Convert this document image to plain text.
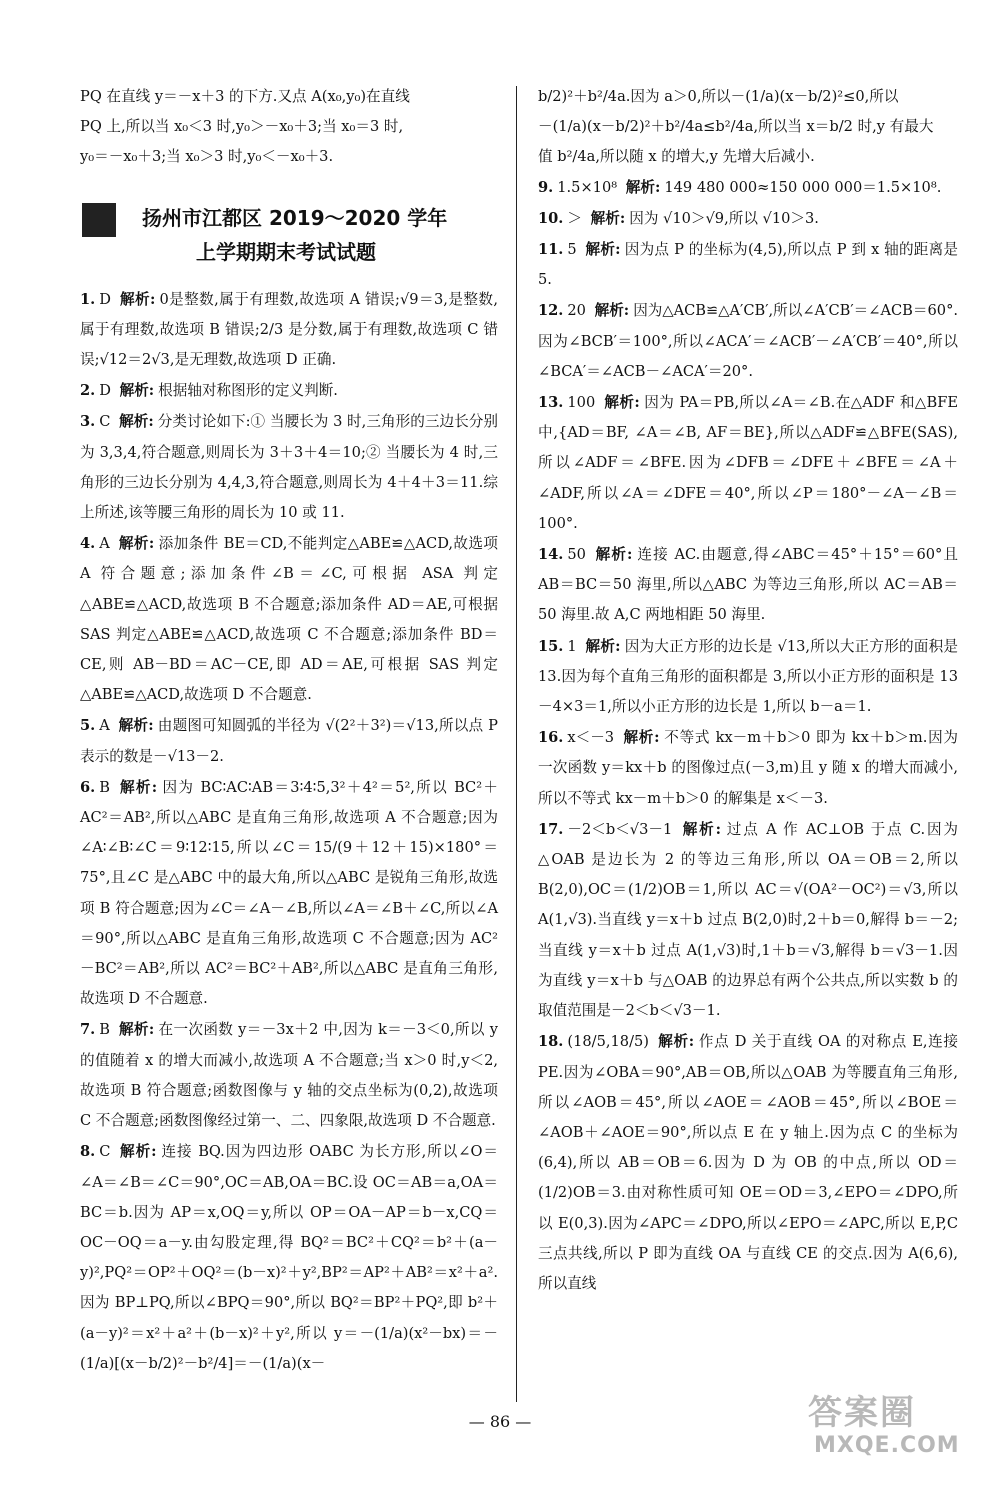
PQ 在直线 y＝－x＋3 的下方.又点 A(x₀,y₀)在直线

PQ 上,所以当 x₀＜3 时,y₀＞－x₀＋3;当 x₀＝3 时,

y₀＝－x₀＋3;当 x₀＞3 时,y₀＜－x₀＋3.

扬州市江都区 2019～2020 学年
上学期期末考试试题

1. D 解析: 0是整数,属于有理数,故选项 A 错误;√9＝3,是整数,属于有理数,故选项 B 错误;2/3 是分数,属于有理数,故选项 C 错误;√12＝2√3,是无理数,故选项 D 正确.

2. D 解析: 根据轴对称图形的定义判断.

3. C 解析: 分类讨论如下:① 当腰长为 3 时,三角形的三边长分别为 3,3,4,符合题意,则周长为 3＋3＋4＝10;② 当腰长为 4 时,三角形的三边长分别为 4,4,3,符合题意,则周长为 4＋4＋3＝11.综上所述,该等腰三角形的周长为 10 或 11.

4. A 解析: 添加条件 BE＝CD,不能判定△ABE≌△ACD,故选项 A 符合题意;添加条件∠B＝∠C,可根据 ASA 判定△ABE≌△ACD,故选项 B 不合题意;添加条件 AD＝AE,可根据 SAS 判定△ABE≌△ACD,故选项 C 不合题意;添加条件 BD＝CE,则 AB－BD＝AC－CE,即 AD＝AE,可根据 SAS 判定△ABE≌△ACD,故选项 D 不合题意.

5. A 解析: 由题图可知圆弧的半径为 √(2²＋3²)＝√13,所以点 P 表示的数是－√13－2.

6. B 解析: 因为 BC∶AC∶AB＝3∶4∶5,3²＋4²＝5²,所以 BC²＋AC²＝AB²,所以△ABC 是直角三角形,故选项 A 不合题意;因为∠A∶∠B∶∠C＝9∶12∶15,所以∠C＝15/(9＋12＋15)×180°＝75°,且∠C 是△ABC 中的最大角,所以△ABC 是锐角三角形,故选项 B 符合题意;因为∠C＝∠A－∠B,所以∠A＝∠B＋∠C,所以∠A＝90°,所以△ABC 是直角三角形,故选项 C 不合题意;因为 AC²－BC²＝AB²,所以 AC²＝BC²＋AB²,所以△ABC 是直角三角形,故选项 D 不合题意.

7. B 解析: 在一次函数 y＝－3x＋2 中,因为 k＝－3＜0,所以 y 的值随着 x 的增大而减小,故选项 A 不合题意;当 x＞0 时,y＜2,故选项 B 符合题意;函数图像与 y 轴的交点坐标为(0,2),故选项 C 不合题意;函数图像经过第一、二、四象限,故选项 D 不合题意.

8. C 解析: 连接 BQ.因为四边形 OABC 为长方形,所以∠O＝∠A＝∠B＝∠C＝90°,OC＝AB,OA＝BC.设 OC＝AB＝a,OA＝BC＝b.因为 AP＝x,OQ＝y,所以 OP＝OA－AP＝b－x,CQ＝OC－OQ＝a－y.由勾股定理,得 BQ²＝BC²＋CQ²＝b²＋(a－y)²,PQ²＝OP²＋OQ²＝(b－x)²＋y²,BP²＝AP²＋AB²＝x²＋a².因为 BP⊥PQ,所以∠BPQ＝90°,所以 BQ²＝BP²＋PQ²,即 b²＋(a－y)²＝x²＋a²＋(b－x)²＋y²,所以 y＝－(1/a)(x²－bx)＝－(1/a)[(x－b/2)²－b²/4]＝－(1/a)(x－

b/2)²＋b²/4a.因为 a＞0,所以－(1/a)(x－b/2)²≤0,所以

－(1/a)(x－b/2)²＋b²/4a≤b²/4a,所以当 x＝b/2 时,y 有最大

值 b²/4a,所以随 x 的增大,y 先增大后减小.

9. 1.5×10⁸ 解析: 149 480 000≈150 000 000＝1.5×10⁸.

10. ＞ 解析: 因为 √10＞√9,所以 √10＞3.

11. 5 解析: 因为点 P 的坐标为(4,5),所以点 P 到 x 轴的距离是 5.

12. 20 解析: 因为△ACB≌△A′CB′,所以∠A′CB′＝∠ACB＝60°.因为∠BCB′＝100°,所以∠ACA′＝∠ACB′－∠A′CB′＝40°,所以∠BCA′＝∠ACB－∠ACA′＝20°.

13. 100 解析: 因为 PA＝PB,所以∠A＝∠B.在△ADF 和△BFE 中,{AD＝BF, ∠A＝∠B, AF＝BE},所以△ADF≌△BFE(SAS),所以∠ADF＝∠BFE.因为∠DFB＝∠DFE＋∠BFE＝∠A＋∠ADF,所以∠A＝∠DFE＝40°,所以∠P＝180°－∠A－∠B＝100°.

14. 50 解析: 连接 AC.由题意,得∠ABC＝45°＋15°＝60°且 AB＝BC＝50 海里,所以△ABC 为等边三角形,所以 AC＝AB＝50 海里.故 A,C 两地相距 50 海里.

15. 1 解析: 因为大正方形的边长是 √13,所以大正方形的面积是 13.因为每个直角三角形的面积都是 3,所以小正方形的面积是 13－4×3＝1,所以小正方形的边长是 1,所以 b－a＝1.

16. x＜－3 解析: 不等式 kx－m＋b＞0 即为 kx＋b＞m.因为一次函数 y＝kx＋b 的图像过点(－3,m)且 y 随 x 的增大而减小,所以不等式 kx－m＋b＞0 的解集是 x＜－3.

17. －2＜b＜√3－1 解析: 过点 A 作 AC⊥OB 于点 C.因为△OAB 是边长为 2 的等边三角形,所以 OA＝OB＝2,所以 B(2,0),OC＝(1/2)OB＝1,所以 AC＝√(OA²－OC²)＝√3,所以 A(1,√3).当直线 y＝x＋b 过点 B(2,0)时,2＋b＝0,解得 b＝－2;当直线 y＝x＋b 过点 A(1,√3)时,1＋b＝√3,解得 b＝√3－1.因为直线 y＝x＋b 与△OAB 的边界总有两个公共点,所以实数 b 的取值范围是－2＜b＜√3－1.

18. (18/5,18/5) 解析: 作点 D 关于直线 OA 的对称点 E,连接 PE.因为∠OBA＝90°,AB＝OB,所以△OAB 为等腰直角三角形,所以∠AOB＝45°,所以∠AOE＝∠AOB＝45°,所以∠BOE＝∠AOB＋∠AOE＝90°,所以点 E 在 y 轴上.因为点 C 的坐标为(6,4),所以 AB＝OB＝6.因为 D 为 OB 的中点,所以 OD＝(1/2)OB＝3.由对称性质可知 OE＝OD＝3,∠EPO＝∠DPO,所以 E(0,3).因为∠APC＝∠DPO,所以∠EPO＝∠APC,所以 E,P,C 三点共线,所以 P 即为直线 OA 与直线 CE 的交点.因为 A(6,6),所以直线

— 86 —	答案圈
MXQE.COM
